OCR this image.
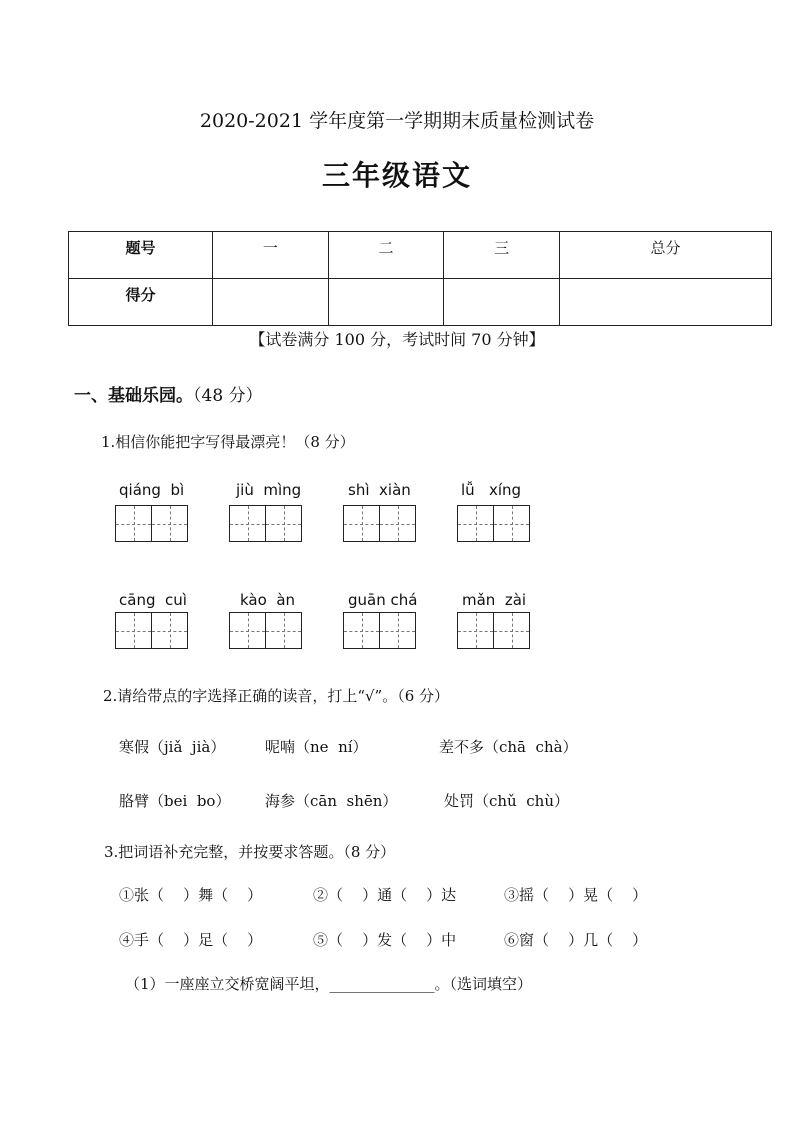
2020-2021 学年度第一学期期末质量检测试卷
三年级语文
题号	一	二	三	总分
得分				
【试卷满分 100 分，考试时间 70 分钟】
一、基础乐园。（48 分）
1.相信你能把字写得最漂亮！（8 分）
qiáng  bì	jiù  mìng	shì  xiàn	lǚ   xíng
cāng  cuì	kào  àn	guān chá	mǎn  zài
2.请给带点的字选择正确的读音，打上“√”。（6 分）
寒假（jiǎ  jià）	呢喃（ne  ní）	差不多（chā  chà）
胳臂（bei  bo） 海参（cān  shēn）	处罚（chǔ  chù）
3.把词语补充完整，并按要求答题。（8 分）
①张（    ）舞（    ）	②（    ）通（    ）达	③摇（    ）晃（    ）
④手（    ）足（    ）	⑤（    ）发（    ）中	⑥窗（    ）几（    ）
（1）一座座立交桥宽阔平坦，______________。（选词填空）
